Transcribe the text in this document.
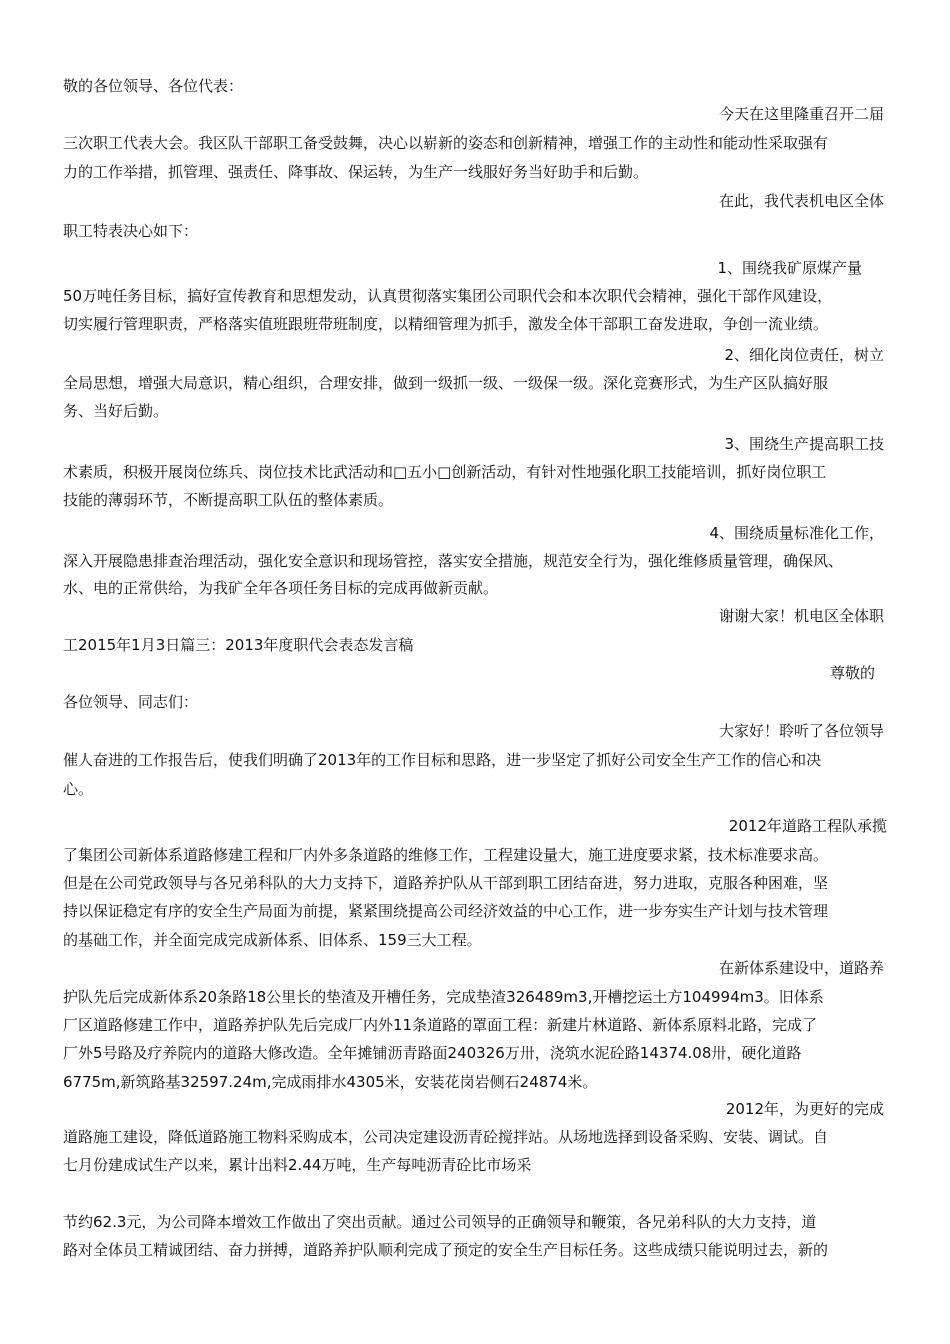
敬的各位领导、各位代表：
今天在这里隆重召开二届
三次职工代表大会。我区队干部职工备受鼓舞，决心以崭新的姿态和创新精神，增强工作的主动性和能动性采取强有
力的工作举措，抓管理、强责任、降事故、保运转，为生产一线服好务当好助手和后勤。
在此，我代表机电区全体
职工特表决心如下：
1、围绕我矿原煤产量
50万吨任务目标，搞好宣传教育和思想发动，认真贯彻落实集团公司职代会和本次职代会精神，强化干部作风建设，
切实履行管理职责，严格落实值班跟班带班制度，以精细管理为抓手，激发全体干部职工奋发进取，争创一流业绩。
2、细化岗位责任，树立
全局思想，增强大局意识，精心组织，合理安排，做到一级抓一级、一级保一级。深化竞赛形式，为生产区队搞好服
务、当好后勤。
3、围绕生产提高职工技
术素质，积极开展岗位练兵、岗位技术比武活动和□五小□创新活动，有针对性地强化职工技能培训，抓好岗位职工
技能的薄弱环节，不断提高职工队伍的整体素质。
4、围绕质量标准化工作，
深入开展隐患排查治理活动，强化安全意识和现场管控，落实安全措施，规范安全行为，强化维修质量管理，确保风、
水、电的正常供给，为我矿全年各项任务目标的完成再做新贡献。
谢谢大家！机电区全体职
工2015年1月3日篇三：2013年度职代会表态发言稿
尊敬的
各位领导、同志们：
大家好！聆听了各位领导
催人奋进的工作报告后，使我们明确了2013年的工作目标和思路，进一步坚定了抓好公司安全生产工作的信心和决
心。
2012年道路工程队承揽
了集团公司新体系道路修建工程和厂内外多条道路的维修工作，工程建设量大，施工进度要求紧，技术标准要求高。
但是在公司党政领导与各兄弟科队的大力支持下，道路养护队从干部到职工团结奋进，努力进取，克服各种困难，坚
持以保证稳定有序的安全生产局面为前提，紧紧围绕提高公司经济效益的中心工作，进一步夯实生产计划与技术管理
的基础工作，并全面完成完成新体系、旧体系、159三大工程。
在新体系建设中，道路养
护队先后完成新体系20条路18公里长的垫渣及开槽任务，完成垫渣326489m3,开槽挖运土方104994m3。旧体系
厂区道路修建工作中，道路养护队先后完成厂内外11条道路的罩面工程：新建片林道路、新体系原料北路，完成了
厂外5号路及疗养院内的道路大修改造。全年摊铺沥青路面240326万卅，浇筑水泥砼路14374.08卅，硬化道路
6775m,新筑路基32597.24m,完成雨排水4305米，安装花岗岩侧石24874米。
2012年，为更好的完成
道路施工建设，降低道路施工物料采购成本，公司决定建设沥青砼搅拌站。从场地选择到设备采购、安装、调试。自
七月份建成试生产以来，累计出料2.44万吨，生产每吨沥青砼比市场采
节约62.3元，为公司降本增效工作做出了突出贡献。通过公司领导的正确领导和鞭策，各兄弟科队的大力支持，道
路对全体员工精诚团结、奋力拼搏，道路养护队顺利完成了预定的安全生产目标任务。这些成绩只能说明过去，新的
